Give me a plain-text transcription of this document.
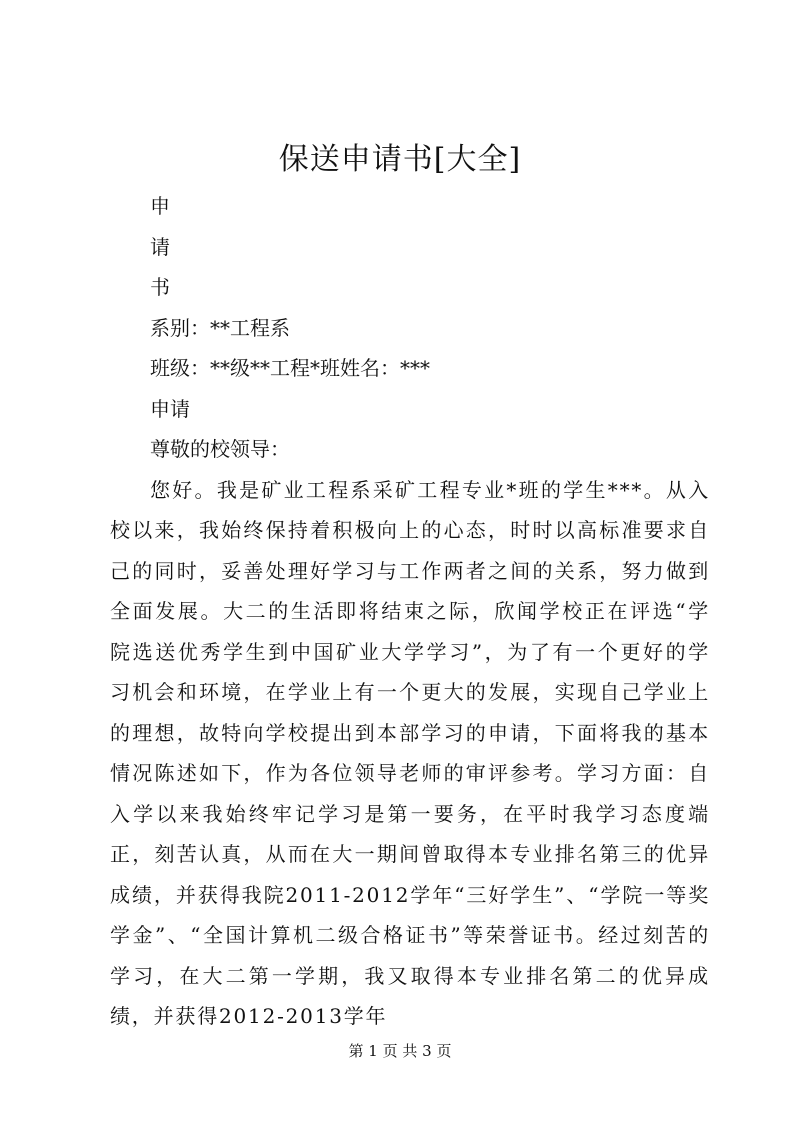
保送申请书[大全]
申
请
书
系别：**工程系
班级：**级**工程*班姓名：***
申请
尊敬的校领导：

您好。我是矿业工程系采矿工程专业*班的学生***。从入校以来，我始终保持着积极向上的心态，时时以高标准要求自己的同时，妥善处理好学习与工作两者之间的关系，努力做到全面发展。大二的生活即将结束之际，欣闻学校正在评选“学院选送优秀学生到中国矿业大学学习”，为了有一个更好的学习机会和环境，在学业上有一个更大的发展，实现自己学业上的理想，故特向学校提出到本部学习的申请，下面将我的基本情况陈述如下，作为各位领导老师的审评参考。学习方面：自入学以来我始终牢记学习是第一要务，在平时我学习态度端正，刻苦认真，从而在大一期间曾取得本专业排名第三的优异成绩，并获得我院2011-2012学年“三好学生”、“学院一等奖学金”、“全国计算机二级合格证书”等荣誉证书。经过刻苦的学习，在大二第一学期，我又取得本专业排名第二的优异成绩，并获得2012-2013学年

第 1 页 共 3 页
